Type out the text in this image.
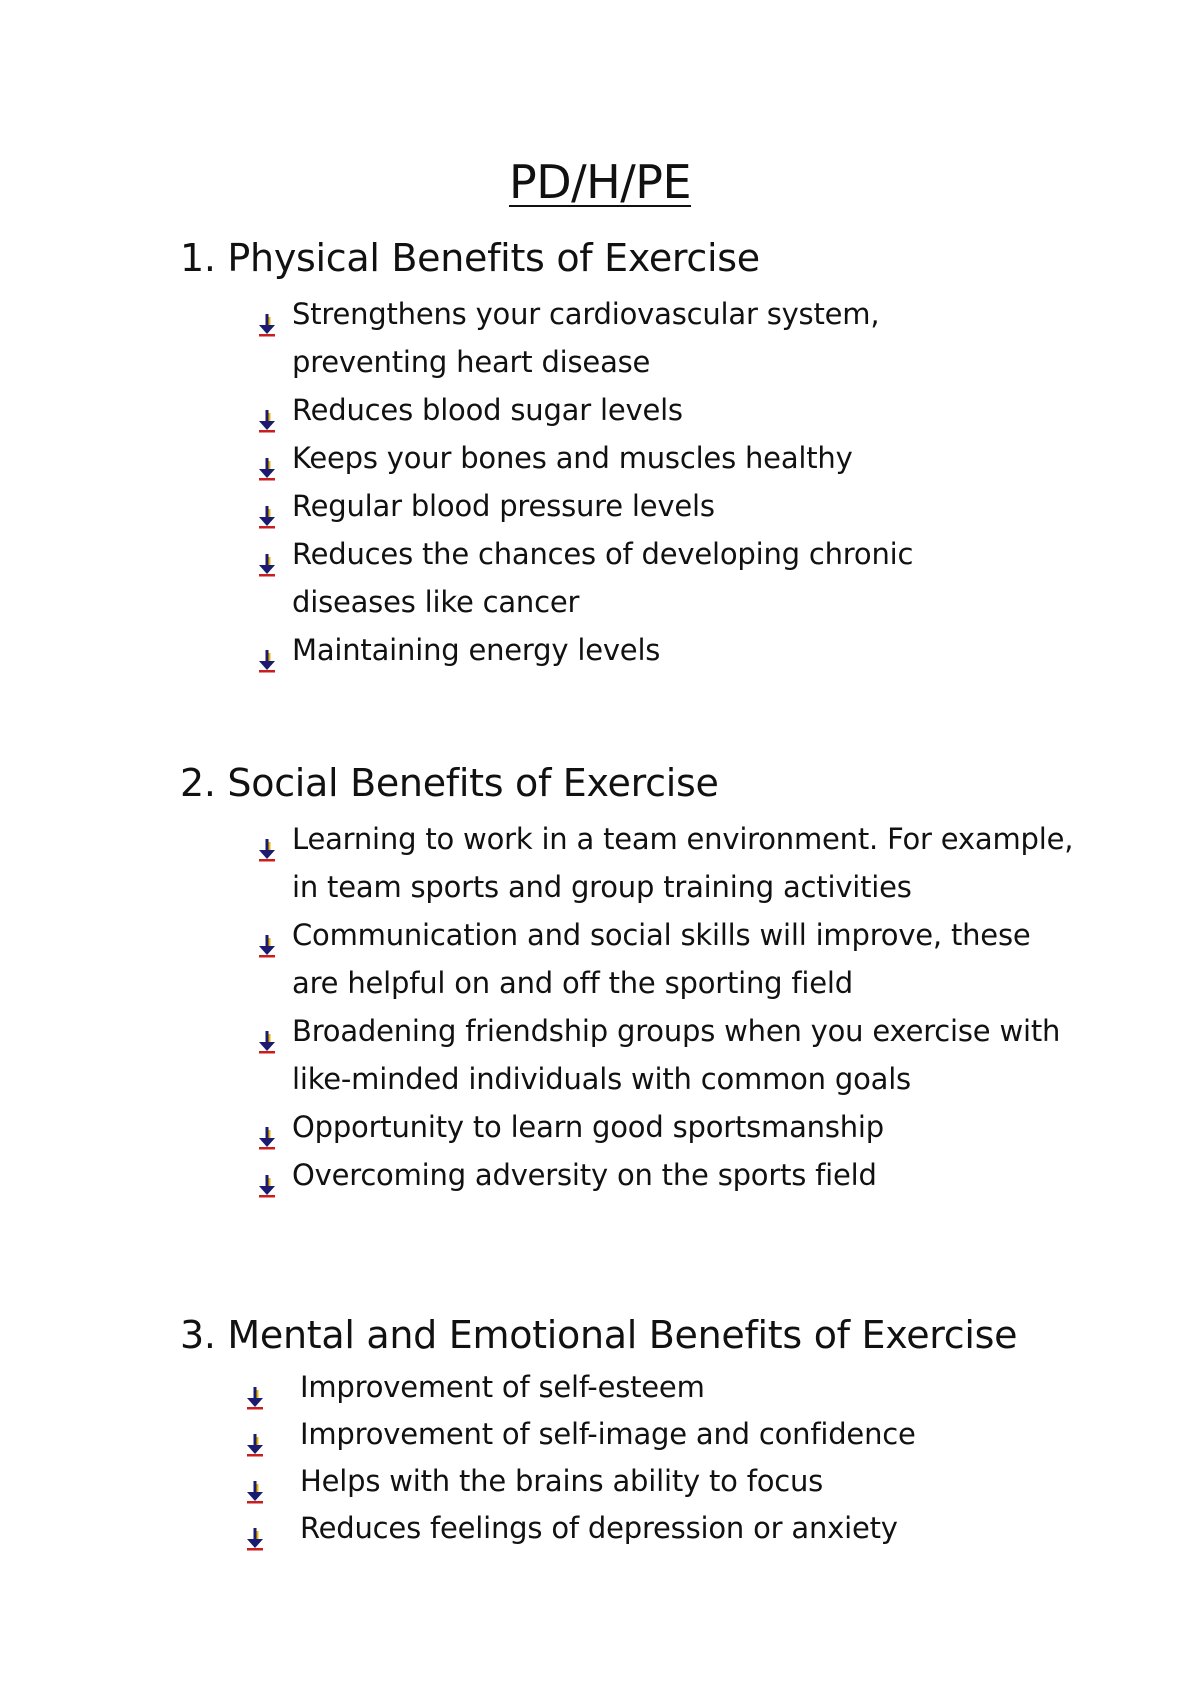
PD/H/PE
1. Physical Benefits of Exercise
Strengthens your cardiovascular system, preventing heart disease
Reduces blood sugar levels
Keeps your bones and muscles healthy
Regular blood pressure levels
Reduces the chances of developing chronic diseases like cancer
Maintaining energy levels
2. Social Benefits of Exercise
Learning to work in a team environment. For example, in team sports and group training activities
Communication and social skills will improve, these are helpful on and off the sporting field
Broadening friendship groups when you exercise with like-minded individuals with common goals
Opportunity to learn good sportsmanship
Overcoming adversity on the sports field
3. Mental and Emotional Benefits of Exercise
Improvement of self-esteem
Improvement of self-image and confidence
Helps with the brains ability to focus
Reduces feelings of depression or anxiety
